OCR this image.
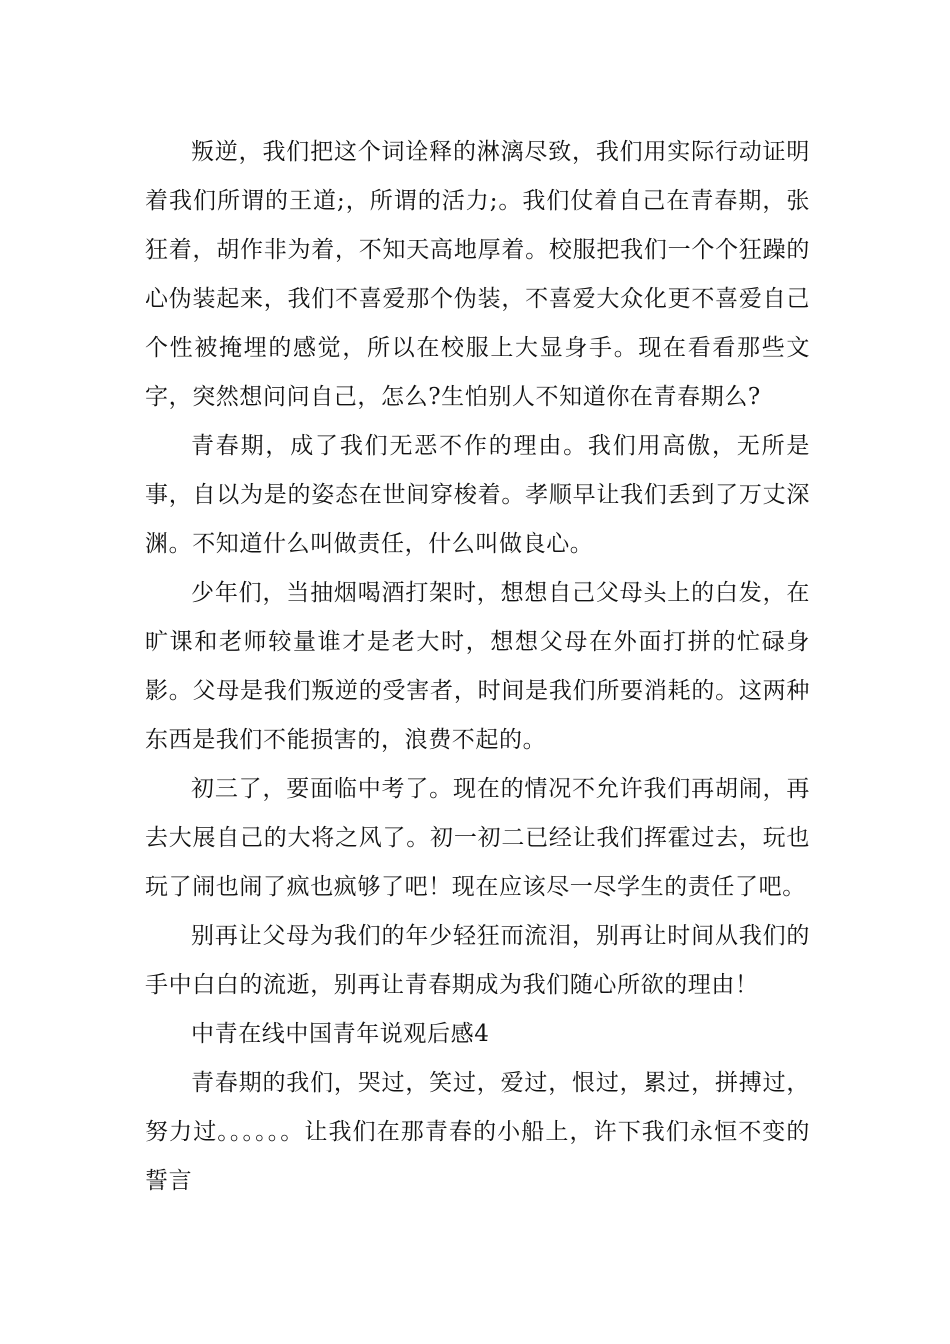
叛逆，我们把这个词诠释的淋漓尽致，我们用实际行动证明着我们所谓的王道;，所谓的活力;。我们仗着自己在青春期，张狂着，胡作非为着，不知天高地厚着。校服把我们一个个狂躁的心伪装起来，我们不喜爱那个伪装，不喜爱大众化更不喜爱自己个性被掩埋的感觉，所以在校服上大显身手。现在看看那些文字，突然想问问自己，怎么?生怕别人不知道你在青春期么?

青春期，成了我们无恶不作的理由。我们用高傲，无所是事，自以为是的姿态在世间穿梭着。孝顺早让我们丢到了万丈深渊。不知道什么叫做责任，什么叫做良心。

少年们，当抽烟喝酒打架时，想想自己父母头上的白发，在旷课和老师较量谁才是老大时，想想父母在外面打拼的忙碌身影。父母是我们叛逆的受害者，时间是我们所要消耗的。这两种东西是我们不能损害的，浪费不起的。

初三了，要面临中考了。现在的情况不允许我们再胡闹，再去大展自己的大将之风了。初一初二已经让我们挥霍过去，玩也玩了闹也闹了疯也疯够了吧！现在应该尽一尽学生的责任了吧。

别再让父母为我们的年少轻狂而流泪，别再让时间从我们的手中白白的流逝，别再让青春期成为我们随心所欲的理由！

中青在线中国青年说观后感4

青春期的我们，哭过，笑过，爱过，恨过，累过，拼搏过，努力过。。。。。。让我们在那青春的小船上，许下我们永恒不变的誓言
